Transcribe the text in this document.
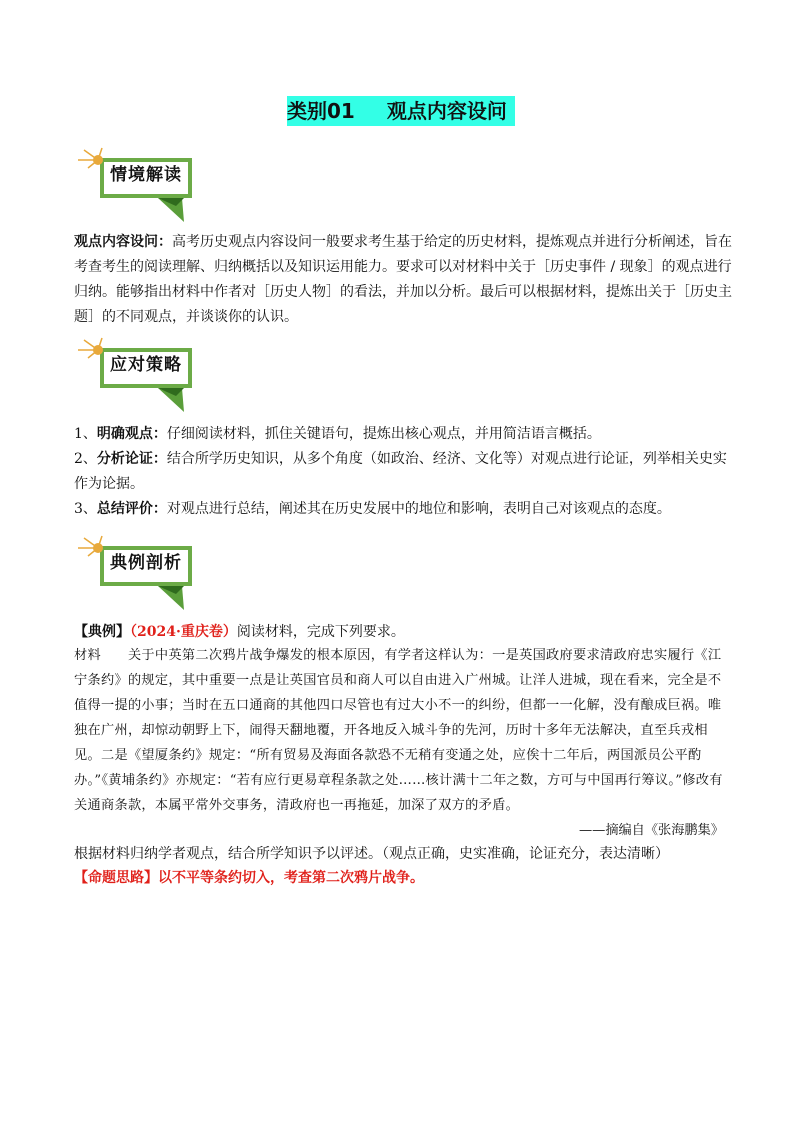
类别01 观点内容设问
情境解读
观点内容设问：高考历史观点内容设问一般要求考生基于给定的历史材料，提炼观点并进行分析阐述，旨在考查考生的阅读理解、归纳概括以及知识运用能力。要求可以对材料中关于［历史事件 / 现象］的观点进行归纳。能够指出材料中作者对［历史人物］的看法，并加以分析。最后可以根据材料，提炼出关于［历史主题］的不同观点，并谈谈你的认识。
应对策略
1、明确观点：仔细阅读材料，抓住关键语句，提炼出核心观点，并用简洁语言概括。
2、分析论证：结合所学历史知识，从多个角度（如政治、经济、文化等）对观点进行论证，列举相关史实作为论据。
3、总结评价：对观点进行总结，阐述其在历史发展中的地位和影响，表明自己对该观点的态度。
典例剖析
【典例】（2024·重庆卷）阅读材料，完成下列要求。
材料　　关于中英第二次鸦片战争爆发的根本原因，有学者这样认为：一是英国政府要求清政府忠实履行《江宁条约》的规定，其中重要一点是让英国官员和商人可以自由进入广州城。让洋人进城，现在看来，完全是不值得一提的小事；当时在五口通商的其他四口尽管也有过大小不一的纠纷，但都一一化解，没有酿成巨祸。唯独在广州，却惊动朝野上下，闹得天翻地覆，开各地反入城斗争的先河，历时十多年无法解决，直至兵戎相见。二是《望厦条约》规定：“所有贸易及海面各款恐不无稍有变通之处，应俟十二年后，两国派员公平酌办。”《黄埔条约》亦规定：“若有应行更易章程条款之处……核计满十二年之数，方可与中国再行筹议。”修改有关通商条款，本属平常外交事务，清政府也一再拖延，加深了双方的矛盾。
——摘编自《张海鹏集》
根据材料归纳学者观点，结合所学知识予以评述。（观点正确，史实准确，论证充分，表达清晰）
【命题思路】以不平等条约切入，考查第二次鸦片战争。
